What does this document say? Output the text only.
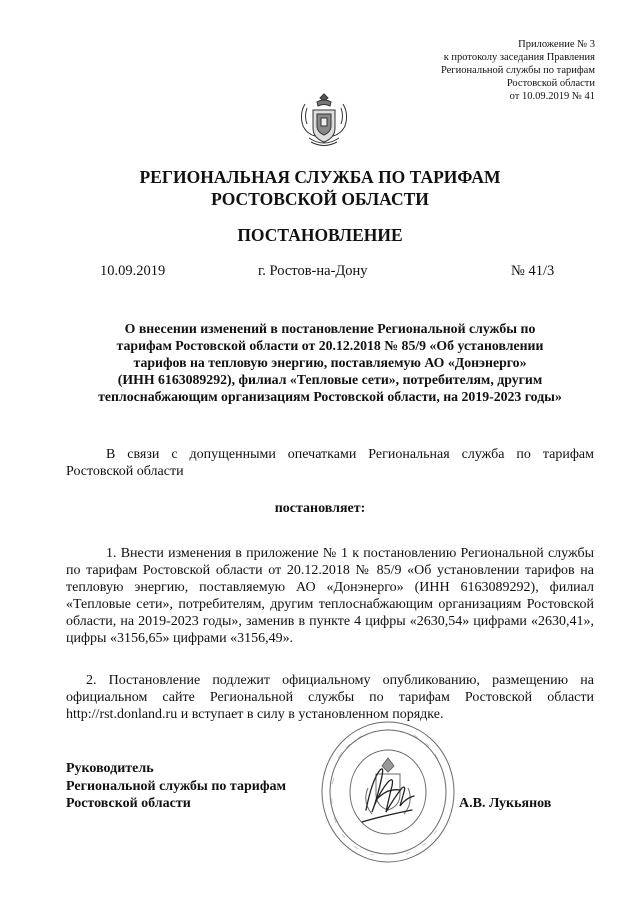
Приложение № 3
к протоколу заседания Правления
Региональной службы по тарифам
Ростовской области
от 10.09.2019 № 41
РЕГИОНАЛЬНАЯ СЛУЖБА ПО ТАРИФАМ
РОСТОВСКОЙ ОБЛАСТИ
ПОСТАНОВЛЕНИЕ
10.09.2019	г. Ростов-на-Дону	№ 41/3
О внесении изменений в постановление Региональной службы по
тарифам Ростовской области от 20.12.2018 № 85/9 «Об установлении
тарифов на тепловую энергию, поставляемую АО «Донэнерго»
(ИНН 6163089292), филиал «Тепловые сети», потребителям, другим
теплоснабжающим организациям Ростовской области, на 2019-2023 годы»
В связи с допущенными опечатками Региональная служба по тарифам Ростовской области
постановляет:
1. Внести изменения в приложение № 1 к постановлению Региональной службы по тарифам Ростовской области от 20.12.2018 № 85/9 «Об установлении тарифов на тепловую энергию, поставляемую АО «Донэнерго» (ИНН 6163089292), филиал «Тепловые сети», потребителям, другим теплоснабжающим организациям Ростовской области, на 2019-2023 годы», заменив в пункте 4 цифры «2630,54» цифрами «2630,41», цифры «3156,65» цифрами «3156,49».
2. Постановление подлежит официальному опубликованию, размещению на официальном сайте Региональной службы по тарифам Ростовской области http://rst.donland.ru и вступает в силу в установленном порядке.
Руководитель
Региональной службы по тарифам
Ростовской области	А.В. Лукьянов
